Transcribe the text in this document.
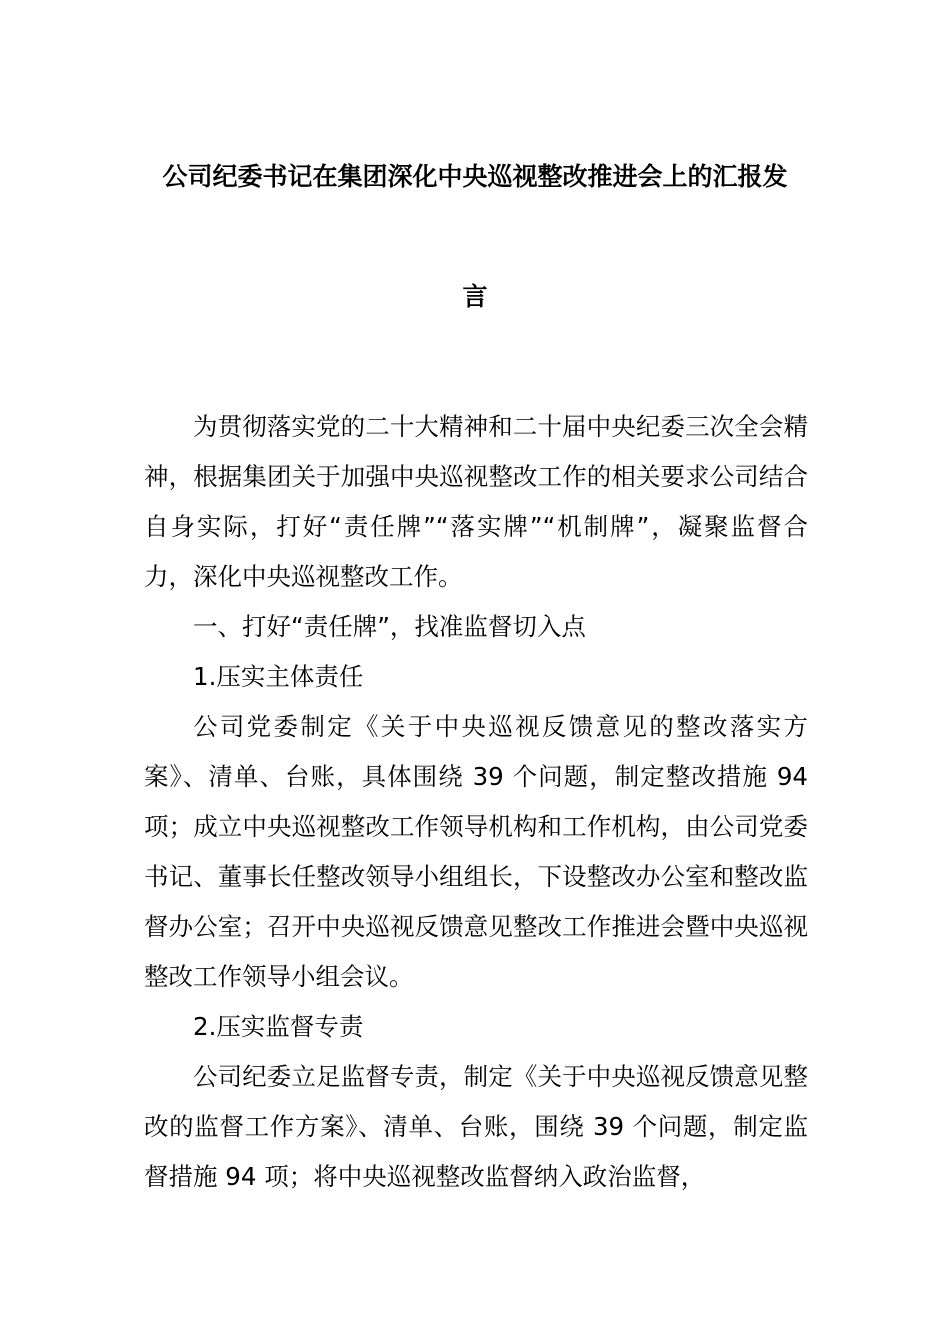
公司纪委书记在集团深化中央巡视整改推进会上的汇报发
言

为贯彻落实党的二十大精神和二十届中央纪委三次全会精神，根据集团关于加强中央巡视整改工作的相关要求公司结合自身实际，打好“责任牌”“落实牌”“机制牌”，凝聚监督合力，深化中央巡视整改工作。

一、打好“责任牌”，找准监督切入点

1.压实主体责任

公司党委制定《关于中央巡视反馈意见的整改落实方案》、清单、台账，具体围绕 39 个问题，制定整改措施 94 项；成立中央巡视整改工作领导机构和工作机构，由公司党委书记、董事长任整改领导小组组长，下设整改办公室和整改监督办公室；召开中央巡视反馈意见整改工作推进会暨中央巡视整改工作领导小组会议。

2.压实监督专责

公司纪委立足监督专责，制定《关于中央巡视反馈意见整改的监督工作方案》、清单、台账，围绕 39 个问题，制定监督措施 94 项；将中央巡视整改监督纳入政治监督，
